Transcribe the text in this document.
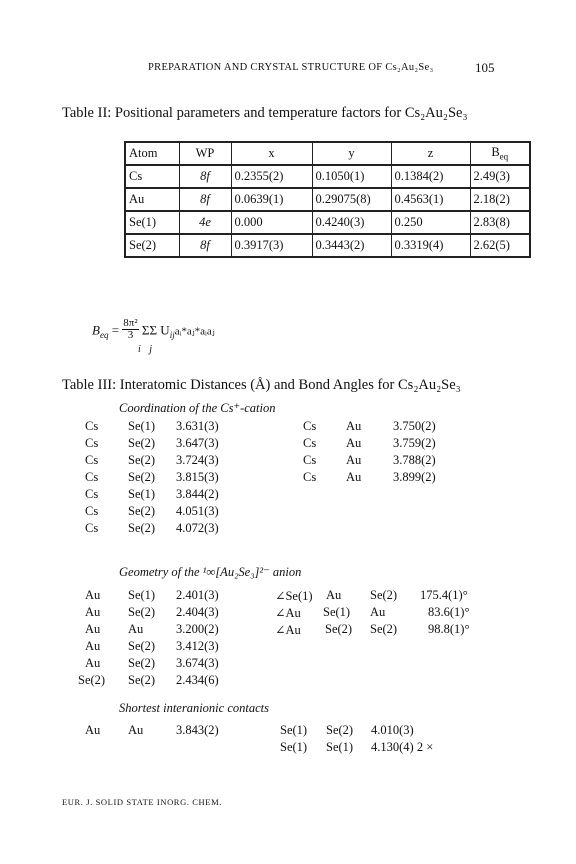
PREPARATION AND CRYSTAL STRUCTURE OF Cs₂Au₂Se₃	105
Table II: Positional parameters and temperature factors for Cs₂Au₂Se₃
Atom	WP	x	y	z	$B_{eq}$
Cs	8f	0.2355(2)	0.1050(1)	0.1384(2)	2.49(3)
Au	8f	0.0639(1)	0.29075(8)	0.4563(1)	2.18(2)
Se(1)	4e	0.000	0.4240(3)	0.250	2.83(8)
Se(2)	8f	0.3917(3)	0.3443(2)	0.3319(4)	2.62(5)
$B_{eq} = \frac{\text{8π²}}{3}$ ΣΣ $U_{ij}aᵢ*aⱼ*aᵢaⱼ$
i j
Table III: Interatomic Distances (Å) and Bond Angles for Cs₂Au₂Se₃
Coordination of the Cs⁺-cation
Cs Se(1) 3.631(3)
Cs Se(2) 3.647(3)
Cs Se(2) 3.724(3)
Cs Se(2) 3.815(3)
Cs Se(1) 3.844(2)
Cs Se(2) 4.051(3)
Cs Se(2) 4.072(3)
Cs Au	3.750(2)
Cs Au	3.759(2)
Cs Au	3.788(2)
Cs Au	3.899(2)
Geometry of the ¹∞[Au₂Se₃]²⁻ anion
Au Se(1) 2.401(3)
Au Se(2) 2.404(3)
Au Au	3.200(2)
Au Se(2) 3.412(3)
Au Se(2) 3.674(3)
Se(2) Se(2) 2.434(6)
∠Se(1) Au Se(2) 175.4(1)°
∠Au Se(1) Au	83.6(1)°
∠Au Se(2) Se(2) 98.8(1)°
Shortest interanionic contacts
Au Au	3.843(2)	Se(1) Se(2) 4.010(3)
Se(1) Se(1) 4.130(4) 2 ×
EUR. J. SOLID STATE INORG. CHEM.
